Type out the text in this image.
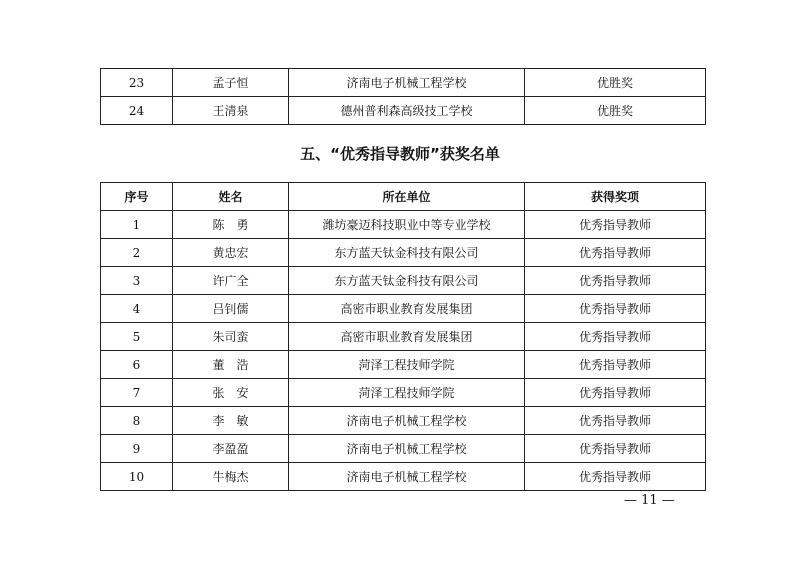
23	孟子恒	济南电子机械工程学校	优胜奖
24	王清泉	德州普利森高级技工学校	优胜奖
五、“优秀指导教师”获奖名单
序号	姓名	所在单位	获得奖项
1	陈　勇	潍坊豪迈科技职业中等专业学校	优秀指导教师
2	黄忠宏	东方蓝天钛金科技有限公司	优秀指导教师
3	许广全	东方蓝天钛金科技有限公司	优秀指导教师
4	吕钊儒	高密市职业教育发展集团	优秀指导教师
5	朱司蛮	高密市职业教育发展集团	优秀指导教师
6	董　浩	菏泽工程技师学院	优秀指导教师
7	张　安	菏泽工程技师学院	优秀指导教师
8	李　敏	济南电子机械工程学校	优秀指导教师
9	李盈盈	济南电子机械工程学校	优秀指导教师
10	牛梅杰	济南电子机械工程学校	优秀指导教师
— 11 —
